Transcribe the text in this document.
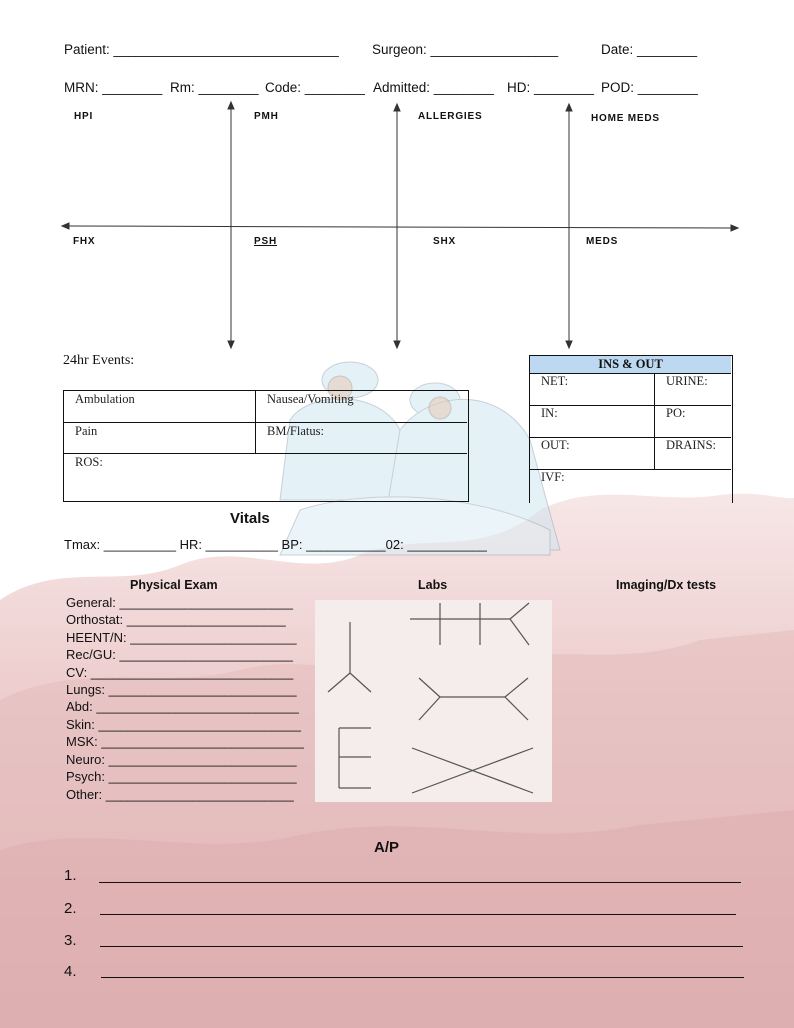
Patient: ______________________________ Surgeon: _________________	Date: ________
MRN: ________ Rm: ________ Code: ________ Admitted: ________ HD: ________ POD: ________
HPI	PMH	ALLERGIES	HOME MEDS
FHX	PSH	SHX	MEDS
24hr Events:
Ambulation	Nausea/Vomiting
Pain	BM/Flatus:
ROS:
INS & OUT
NET:	URINE:
IN:	PO:
OUT:	DRAINS:
IVF:
Vitals
Tmax: __________ HR: __________ BP: ___________02: ___________
Physical Exam	Labs	Imaging/Dx tests
General: ________________________
Orthostat: ______________________
HEENT/N: _______________________
Rec/GU: ________________________
CV: ____________________________
Lungs: __________________________
Abd: ____________________________
Skin: ____________________________
MSK: ____________________________
Neuro: __________________________
Psych: __________________________
Other: __________________________
A/P
1.
2.
3.
4.
